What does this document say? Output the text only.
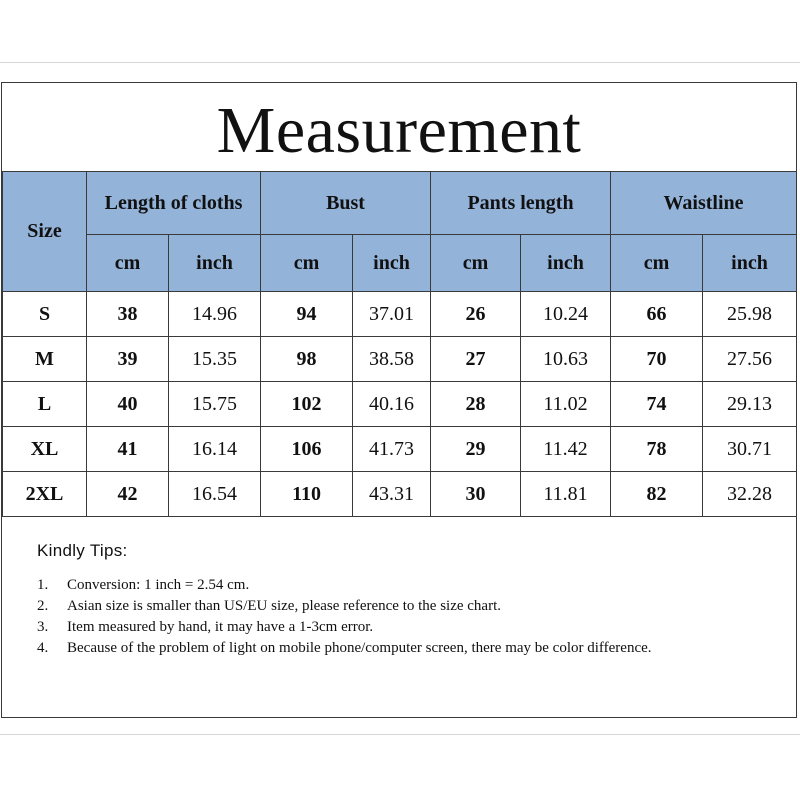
Measurement
Size	Length of cloths		Bust		Pants length		Waistline	
	cm	inch	cm	inch	cm	inch	cm	inch
S	38	14.96	94	37.01	26	10.24	66	25.98
M	39	15.35	98	38.58	27	10.63	70	27.56
L	40	15.75	102	40.16	28	11.02	74	29.13
XL	41	16.14	106	41.73	29	11.42	78	30.71
2XL	42	16.54	110	43.31	30	11.81	82	32.28
Kindly Tips:
1.	Conversion: 1 inch = 2.54 cm.
2.	Asian size is smaller than US/EU size, please reference to the size chart.
3.	Item measured by hand, it may have a 1-3cm error.
4.	Because of the problem of light on mobile phone/computer screen, there may be color difference.
